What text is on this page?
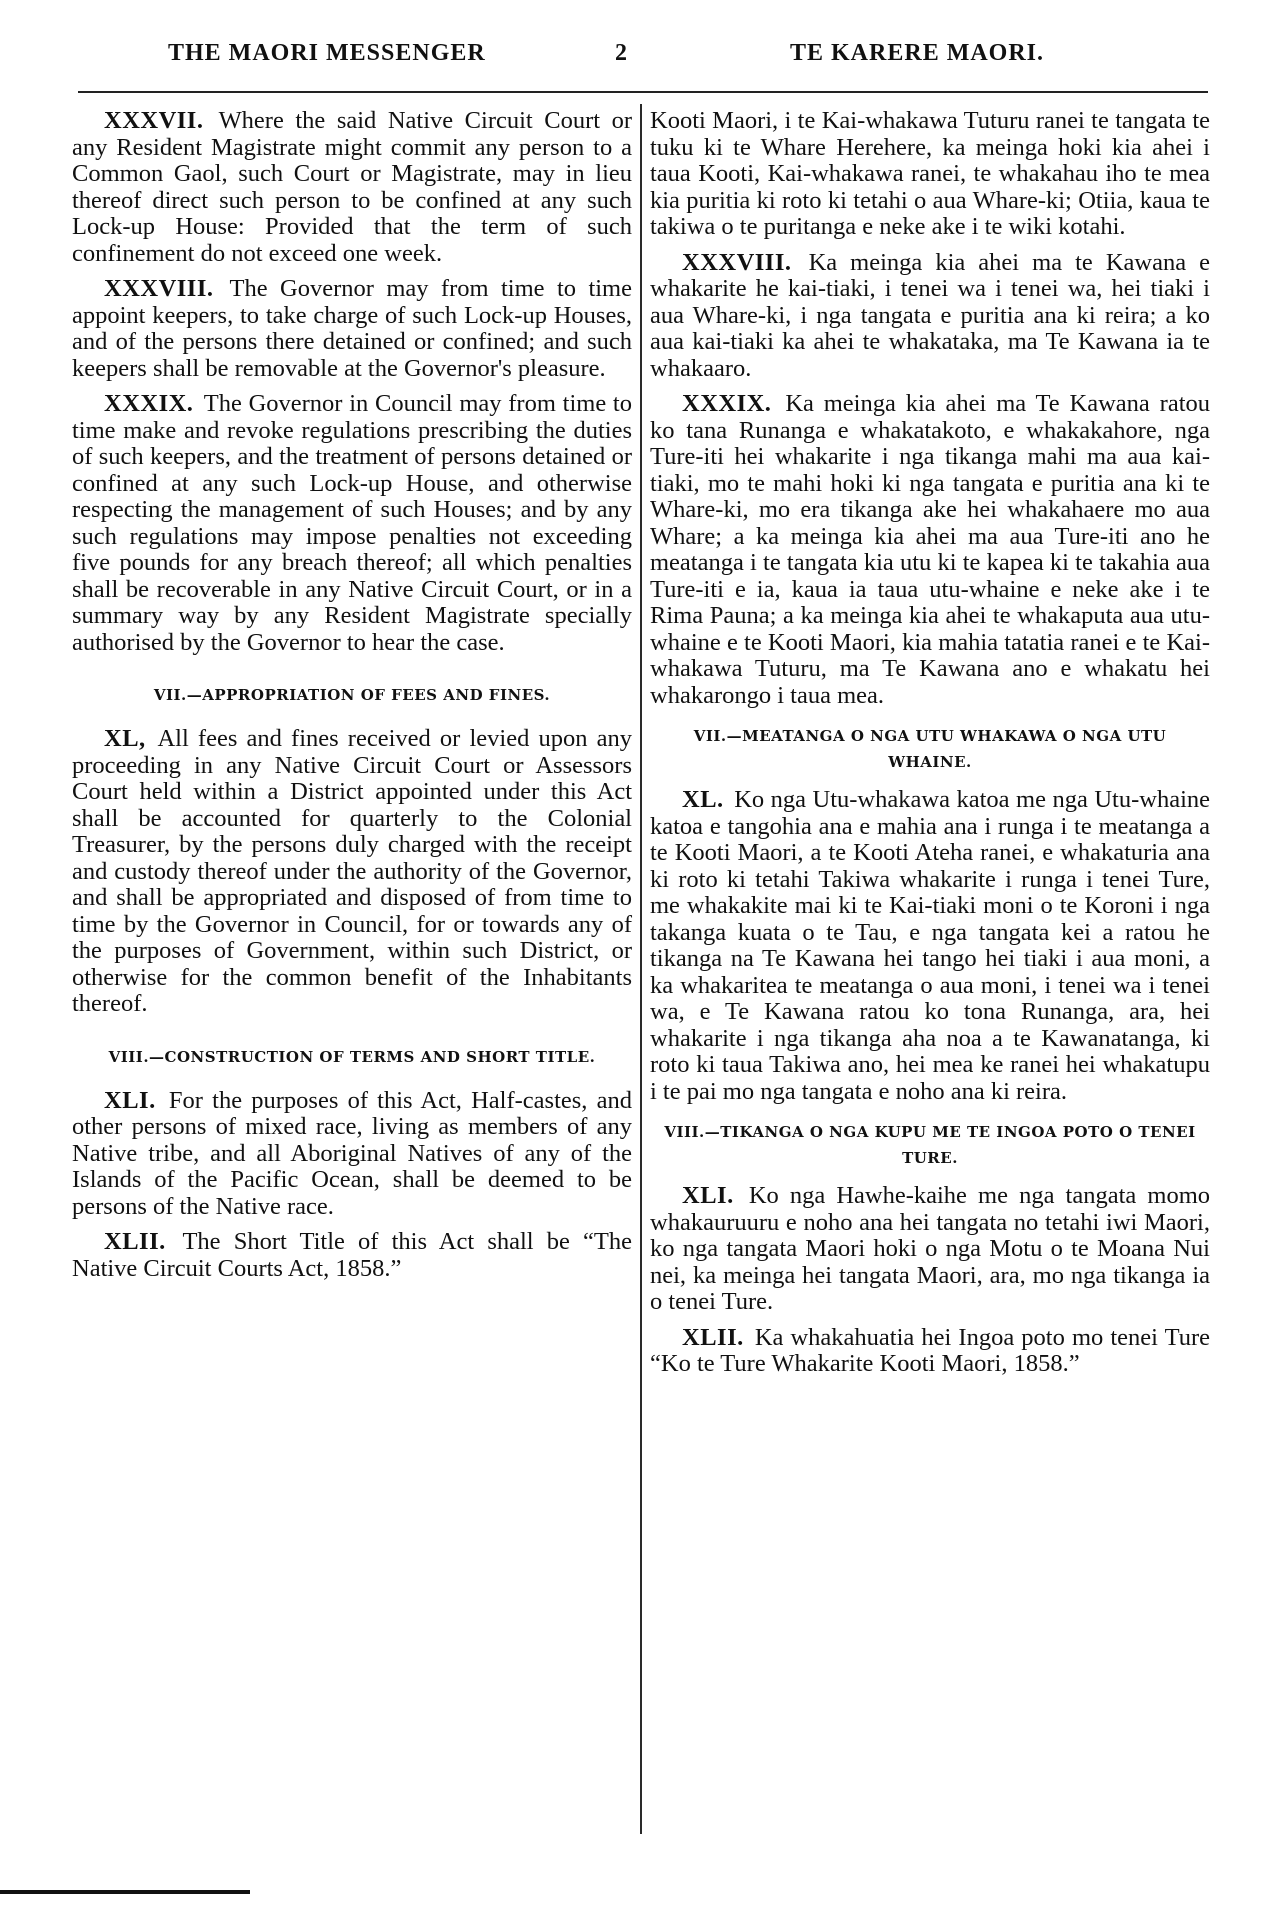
THE MAORI MESSENGER	2	TE KARERE MAORI.

XXXVII. Where the said Native Circuit Court or any Resident Magistrate might commit any person to a Common Gaol, such Court or Magistrate, may in lieu thereof direct such person to be confined at any such Lock-up House: Provided that the term of such confinement do not exceed one week.

XXXVIII. The Governor may from time to time appoint keepers, to take charge of such Lock-up Houses, and of the persons there detained or confined; and such keepers shall be removable at the Governor's pleasure.

XXXIX. The Governor in Council may from time to time make and revoke regulations prescribing the duties of such keepers, and the treatment of persons detained or confined at any such Lock-up House, and otherwise respecting the management of such Houses; and by any such regulations may impose penalties not exceeding five pounds for any breach thereof; all which penalties shall be recoverable in any Native Circuit Court, or in a summary way by any Resident Magistrate specially authorised by the Governor to hear the case.

VII.—APPROPRIATION OF FEES AND FINES.

XL, All fees and fines received or levied upon any proceeding in any Native Circuit Court or Assessors Court held within a District appointed under this Act shall be accounted for quarterly to the Colonial Treasurer, by the persons duly charged with the receipt and custody thereof under the authority of the Governor, and shall be appropriated and disposed of from time to time by the Governor in Council, for or towards any of the purposes of Government, within such District, or otherwise for the common benefit of the Inhabitants thereof.

VIII.—CONSTRUCTION OF TERMS AND SHORT TITLE.

XLI. For the purposes of this Act, Half-castes, and other persons of mixed race, living as members of any Native tribe, and all Aboriginal Natives of any of the Islands of the Pacific Ocean, shall be deemed to be persons of the Native race.

XLII. The Short Title of this Act shall be “The Native Circuit Courts Act, 1858.”

Kooti Maori, i te Kai-whakawa Tuturu ranei te tangata te tuku ki te Whare Herehere, ka meinga hoki kia ahei i taua Kooti, Kai-whakawa ranei, te whakahau iho te mea kia puritia ki roto ki tetahi o aua Whare-ki; Otiia, kaua te takiwa o te puritanga e neke ake i te wiki kotahi.

XXXVIII. Ka meinga kia ahei ma te Kawana e whakarite he kai-tiaki, i tenei wa i tenei wa, hei tiaki i aua Whare-ki, i nga tangata e puritia ana ki reira; a ko aua kai-tiaki ka ahei te whakataka, ma Te Kawana ia te whakaaro.

XXXIX. Ka meinga kia ahei ma Te Kawana ratou ko tana Runanga e whakatakoto, e whakakahore, nga Ture-iti hei whakarite i nga tikanga mahi ma aua kai-tiaki, mo te mahi hoki ki nga tangata e puritia ana ki te Whare-ki, mo era tikanga ake hei whakahaere mo aua Whare; a ka meinga kia ahei ma aua Ture-iti ano he meatanga i te tangata kia utu ki te kapea ki te takahia aua Ture-iti e ia, kaua ia taua utu-whaine e neke ake i te Rima Pauna; a ka meinga kia ahei te whakaputa aua utu-whaine e te Kooti Maori, kia mahia tatatia ranei e te Kai-whakawa Tuturu, ma Te Kawana ano e whakatu hei whakarongo i taua mea.

VII.—MEATANGA O NGA UTU WHAKAWA O NGA UTU WHAINE.

XL. Ko nga Utu-whakawa katoa me nga Utu-whaine katoa e tangohia ana e mahia ana i runga i te meatanga a te Kooti Maori, a te Kooti Ateha ranei, e whakaturia ana ki roto ki tetahi Takiwa whakarite i runga i tenei Ture, me whakakite mai ki te Kai-tiaki moni o te Koroni i nga takanga kuata o te Tau, e nga tangata kei a ratou he tikanga na Te Kawana hei tango hei tiaki i aua moni, a ka whakaritea te meatanga o aua moni, i tenei wa i tenei wa, e Te Kawana ratou ko tona Runanga, ara, hei whakarite i nga tikanga aha noa a te Kawanatanga, ki roto ki taua Takiwa ano, hei mea ke ranei hei whakatupu i te pai mo nga tangata e noho ana ki reira.

VIII.—TIKANGA O NGA KUPU ME TE INGOA POTO O TENEI TURE.

XLI. Ko nga Hawhe-kaihe me nga tangata momo whakauruuru e noho ana hei tangata no tetahi iwi Maori, ko nga tangata Maori hoki o nga Motu o te Moana Nui nei, ka meinga hei tangata Maori, ara, mo nga tikanga ia o tenei Ture.

XLII. Ka whakahuatia hei Ingoa poto mo tenei Ture “Ko te Ture Whakarite Kooti Maori, 1858.”
